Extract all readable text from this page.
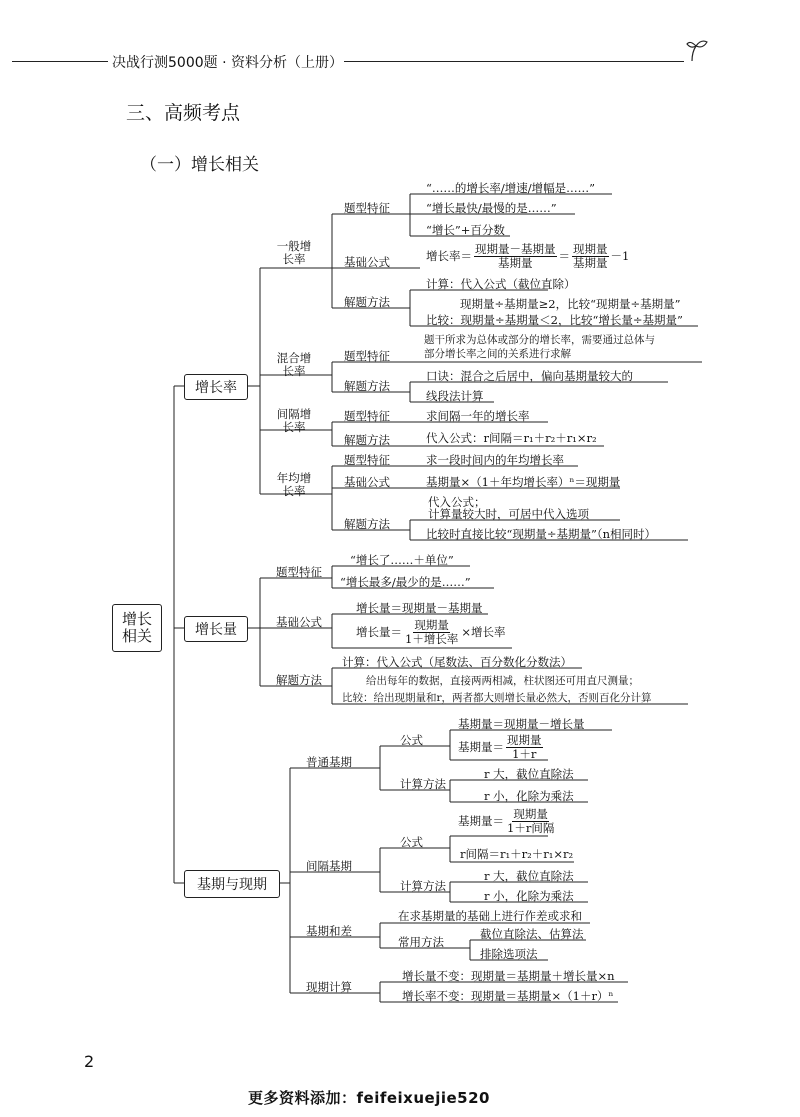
决战行测5000题 · 资料分析（上册）
三、高频考点
（一）增长相关
增长相关
增长率
增长量
基期与现期
一般增长率
混合增长率
间隔增长率
年均增长率
题型特征
“……的增长率/增速/增幅是……”
“增长最快/最慢的是……”
“增长”+百分数
基础公式	增长率＝ $\frac{\text{现期量－基期量}}{\text{基期量}} = \frac{\text{现期量}}{\text{基期量}} -1$
解题方法
计算：代入公式（截位直除）
现期量÷基期量≥2，比较“现期量÷基期量”
比较：现期量÷基期量＜2，比较“增长量÷基期量”
题型特征
题干所求为总体或部分的增长率，需要通过总体与
部分增长率之间的关系进行求解
解题方法
口诀：混合之后居中，偏向基期量较大的
线段法计算
题型特征	求间隔一年的增长率
解题方法	代入公式：r间隔＝r₁＋r₂＋r₁×r₂
题型特征	求一段时间内的年均增长率
基础公式	基期量×（1＋年均增长率）ⁿ＝现期量
解题方法
代入公式；
计算量较大时，可居中代入选项
比较时直接比较“现期量÷基期量”（n相同时）
题型特征
“增长了……＋单位”
“增长最多/最少的是……”
基础公式
增长量＝现期量－基期量
增长量＝ $\frac{\text{现期量}}{\text{1＋增长率}}$ ×增长率
解题方法
计算：代入公式（尾数法、百分数化分数法）
给出每年的数据，直接两两相减，柱状图还可用直尺测量；
比较：给出现期量和r，两者都大则增长量必然大，否则百化分计算
普通基期
间隔基期
基期和差
现期计算
公式
基期量＝现期量－增长量
基期量＝ $\frac{\text{现期量}}{1+r}$
计算方法
r 大，截位直除法
r 小，化除为乘法
公式
基期量＝ $\frac{\text{现期量}}{\text{1＋r间隔}}$
r间隔＝r₁＋r₂＋r₁×r₂
计算方法
r 大，截位直除法
r 小，化除为乘法
在求基期量的基础上进行作差或求和
常用方法
截位直除法、估算法
排除选项法
增长量不变：现期量＝基期量＋增长量×n
增长率不变：现期量＝基期量×（1＋r）ⁿ
2
更多资料添加：feifeixuejie520
